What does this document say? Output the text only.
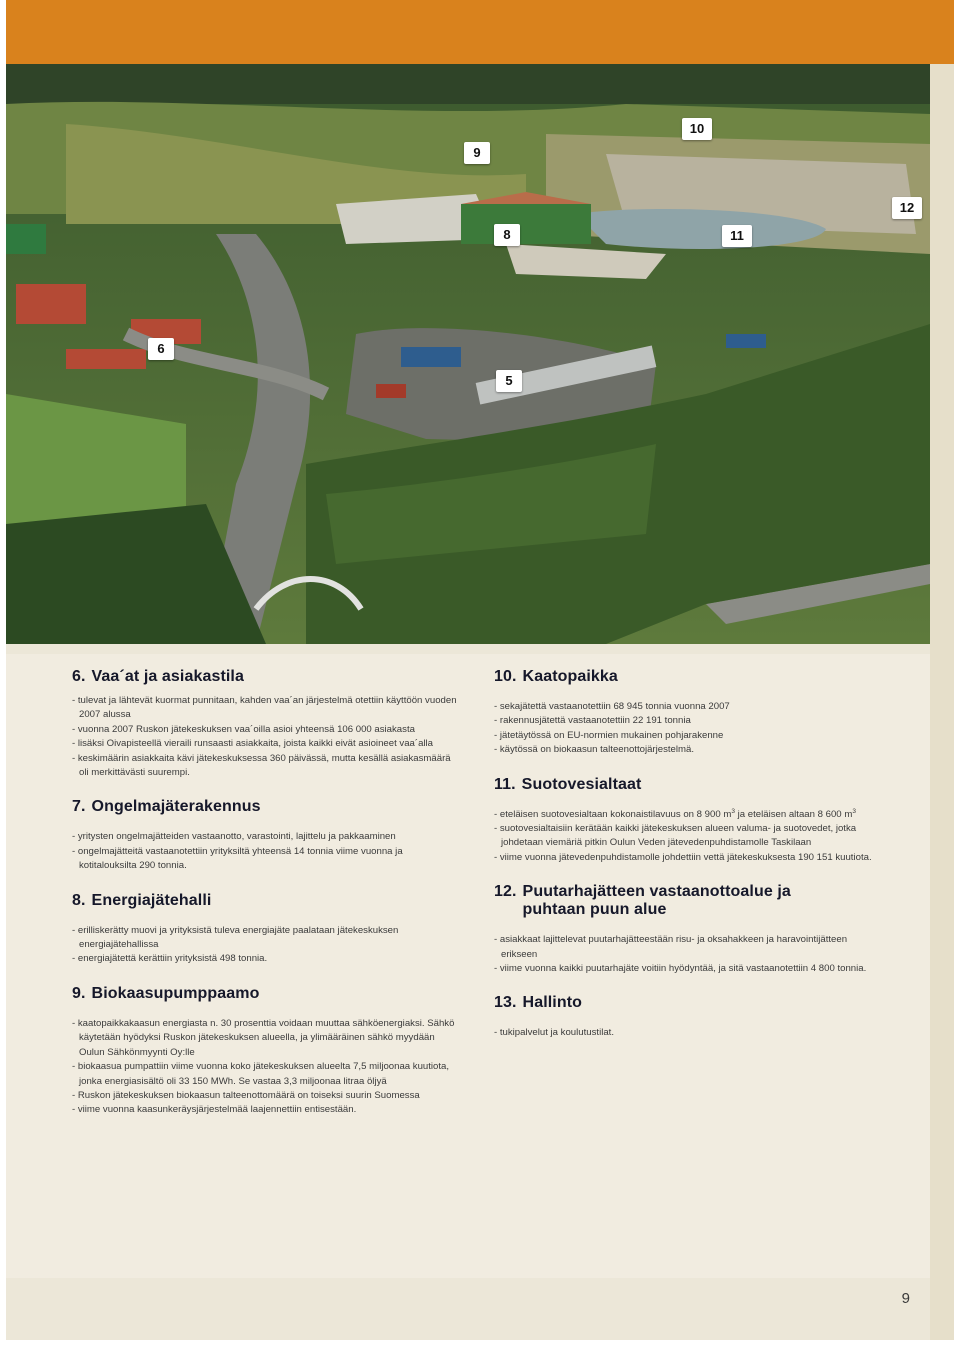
9
10
12
8	11
6
5
6. Vaa´at ja asiakastila
- tulevat ja lähtevät kuormat punnitaan, kahden vaa´an järjestelmä otettiin käyttöön vuoden 2007 alussa
- vuonna 2007 Ruskon jätekeskuksen vaa´oilla asioi yhteensä 106 000 asiakasta
- lisäksi Oivapisteellä vieraili runsaasti asiakkaita, joista kaikki eivät asioineet vaa´alla
- keskimäärin asiakkaita kävi jätekeskuksessa 360 päivässä, mutta kesällä asiakasmäärä oli merkittävästi suurempi.
7. Ongelmajäterakennus
- yritysten ongelmajätteiden vastaanotto, varastointi, lajittelu ja pakkaaminen
- ongelmajätteitä vastaanotettiin yrityksiltä yhteensä 14 tonnia viime vuonna ja kotitalouksilta 290 tonnia.
8. Energiajätehalli
- erilliskerätty muovi ja yrityksistä tuleva energiajäte paalataan jätekeskuksen energiajätehallissa
- energiajätettä kerättiin yrityksistä 498 tonnia.
9. Biokaasupumppaamo
- kaatopaikkakaasun energiasta n. 30 prosenttia voidaan muuttaa sähköenergiaksi. Sähkö käytetään hyödyksi Ruskon jätekeskuksen alueella, ja ylimääräinen sähkö myydään Oulun Sähkönmyynti Oy:lle
- biokaasua pumpattiin viime vuonna koko jätekeskuksen alueelta 7,5 miljoonaa kuutiota, jonka energiasisältö oli 33 150 MWh. Se vastaa 3,3 miljoonaa litraa öljyä
- Ruskon jätekeskuksen biokaasun talteenottomäärä on toiseksi suurin Suomessa
- viime vuonna kaasunkeräysjärjestelmää laajennettiin entisestään.
10. Kaatopaikka
- sekajätettä vastaanotettiin 68 945 tonnia vuonna 2007
- rakennusjätettä vastaanotettiin 22 191 tonnia
- jätetäytössä on EU-normien mukainen pohjarakenne
- käytössä on biokaasun talteenottojärjestelmä.
11. Suotovesialtaat
- eteläisen suotovesialtaan kokonaistilavuus on 8 900 $m^3$ ja eteläisen altaan 8 600 $m^3$
- suotovesialtaisiin kerätään kaikki jätekeskuksen alueen valuma- ja suotovedet, jotka johdetaan viemäriä pitkin Oulun Veden jätevedenpuhdistamolle Taskilaan
- viime vuonna jätevedenpuhdistamolle johdettiin vettä jätekeskuksesta 190 151 kuutiota.
12. Puutarhajätteen vastaanottoalue ja puhtaan puun alue
- asiakkaat lajittelevat puutarhajätteestään risu- ja oksahakkeen ja haravointijätteen erikseen
- viime vuonna kaikki puutarhajäte voitiin hyödyntää, ja sitä vastaanotettiin 4 800 tonnia.
13. Hallinto
- tukipalvelut ja koulutustilat.
9
